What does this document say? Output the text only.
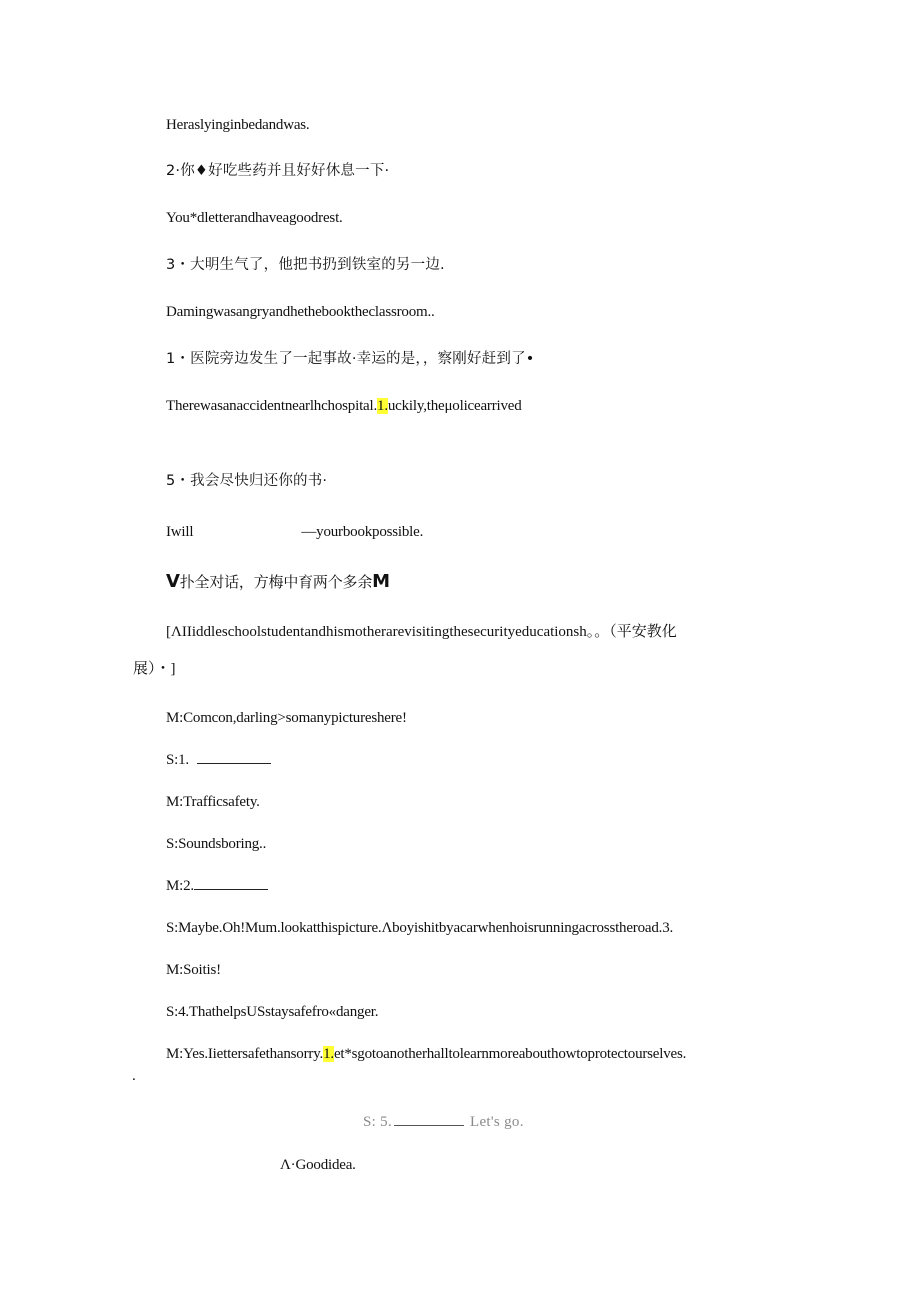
Heraslyinginbedandwas.
2·你♦好吃些药并且好好休息一下·
You*dletterandhaveagoodrest.
3・大明生气了，他把书扔到铁室的另一边.
Damingwasangryandhethebooktheclassroom..
1・医院旁边发生了一起事故·幸运的是，，察刚好赶到了•
Therewasanaccidentnearlhchospital.1.uckily,theμolicearrived
5・我会尽快归还你的书·
Iwill	—yourbookpossible.
V扑全对话，方梅中育两个多余M
[ΛIIiddleschoolstudentandhismotherarevisitingthesecurityeducationsh。。（平安教化
展）・]
M:Comcon,darling>somanypictureshere!
S:1.
M:Trafficsafety.
S:Soundsboring..
M:2.
S:Maybe.Oh!Mum.lookatthispicture.Λboyishitbyacarwhenhoisrunningacrosstheroad.3.
M:Soitis!
S:4.ThathelpsUSstaysafefro«danger.
M:Yes.Iiettersafethansorry.1.et*sgotoanotherhalltolearnmoreabouthowtoprotectourselves.
.
S: 5.	Let's go.
Λ·Goodidea.
